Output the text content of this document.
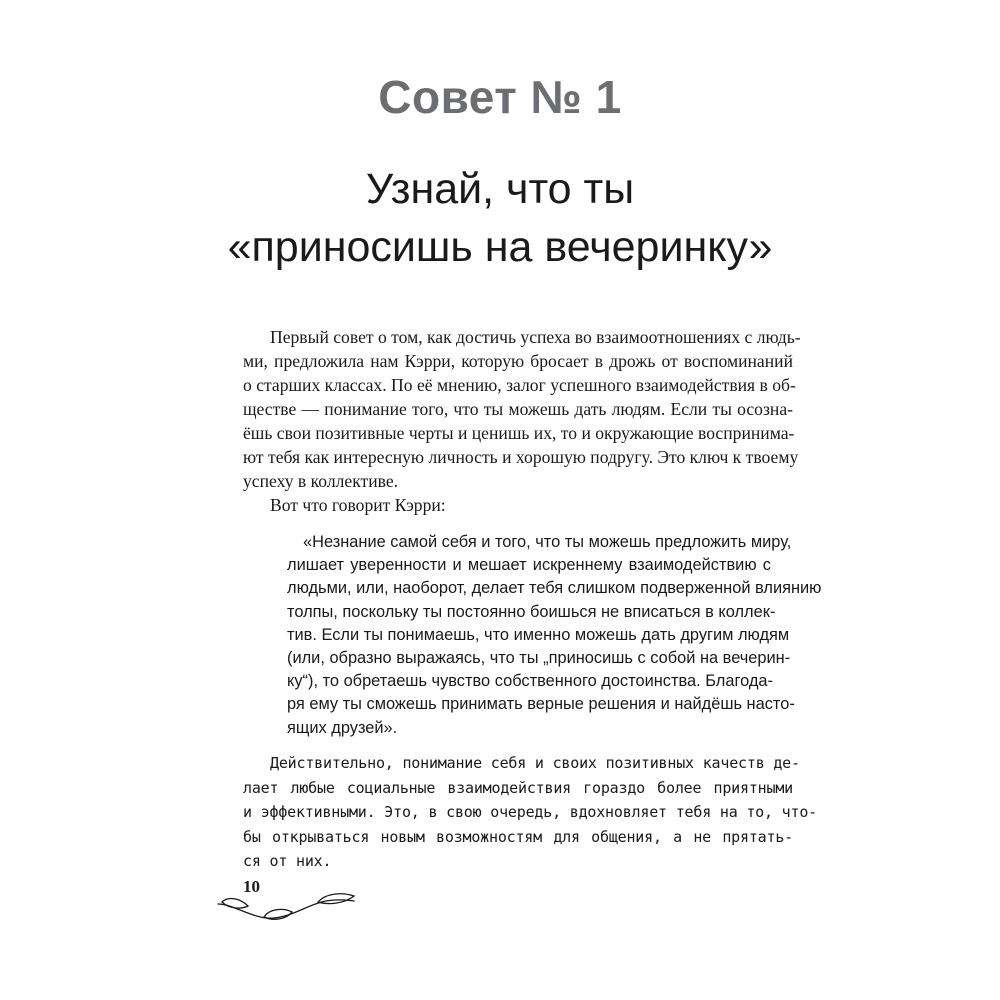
Совет № 1
Узнай, что ты
«приносишь на вечеринку»
Первый совет о том, как достичь успеха во взаимоотношениях с людь-
ми, предложила нам Кэрри, которую бросает в дрожь от воспоминаний
о старших классах. По её мнению, залог успешного взаимодействия в об-
ществе — понимание того, что ты можешь дать людям. Если ты осозна-
ёшь свои позитивные черты и ценишь их, то и окружающие воспринима-
ют тебя как интересную личность и хорошую подругу. Это ключ к твоему
успеху в коллективе.
Вот что говорит Кэрри:
«Незнание самой себя и того, что ты можешь предложить миру,
лишает уверенности и мешает искреннему взаимодействию с
людьми, или, наоборот, делает тебя слишком подверженной влиянию
толпы, поскольку ты постоянно боишься не вписаться в коллек-
тив. Если ты понимаешь, что именно можешь дать другим людям
(или, образно выражаясь, что ты „приносишь с собой на вечерин-
ку“), то обретаешь чувство собственного достоинства. Благода-
ря ему ты сможешь принимать верные решения и найдёшь насто-
ящих друзей».
Действительно, понимание себя и своих позитивных качеств де-
лает любые социальные взаимодействия гораздо более приятными
и эффективными. Это, в свою очередь, вдохновляет тебя на то, что-
бы открываться новым возможностям для общения, а не прятать-
ся от них.
10
